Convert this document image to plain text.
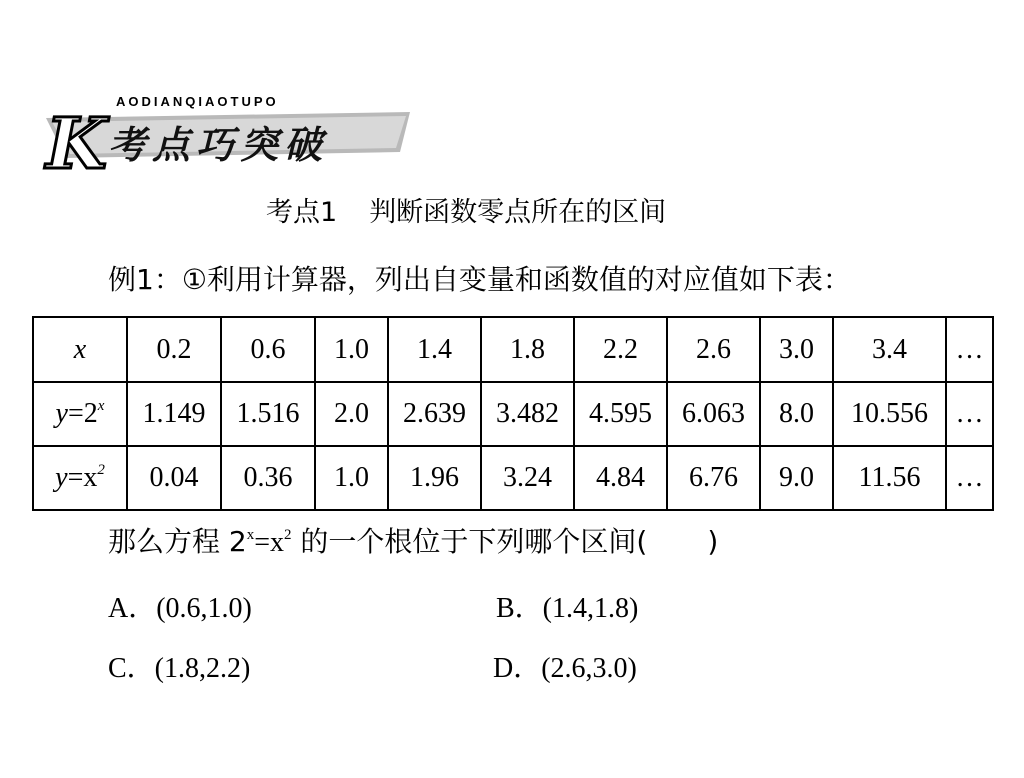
K
AODIANQIAOTUPO
考点巧突破
考点1 判断函数零点所在的区间
例1：①利用计算器，列出自变量和函数值的对应值如下表：
x	0.2	0.6	1.0	1.4	1.8	2.2	2.6	3.0	3.4	…
$y=2^x$	1.149	1.516	2.0	2.639	3.482	4.595	6.063	8.0	10.556	…
$y=x^2$	0.04	0.36	1.0	1.96	3.24	4.84	6.76	9.0	11.56	…
那么方程 $2^x=x^2$ 的一个根位于下列哪个区间( )
A．(0.6,1.0)	B．(1.4,1.8)
C．(1.8,2.2)	D．(2.6,3.0)
